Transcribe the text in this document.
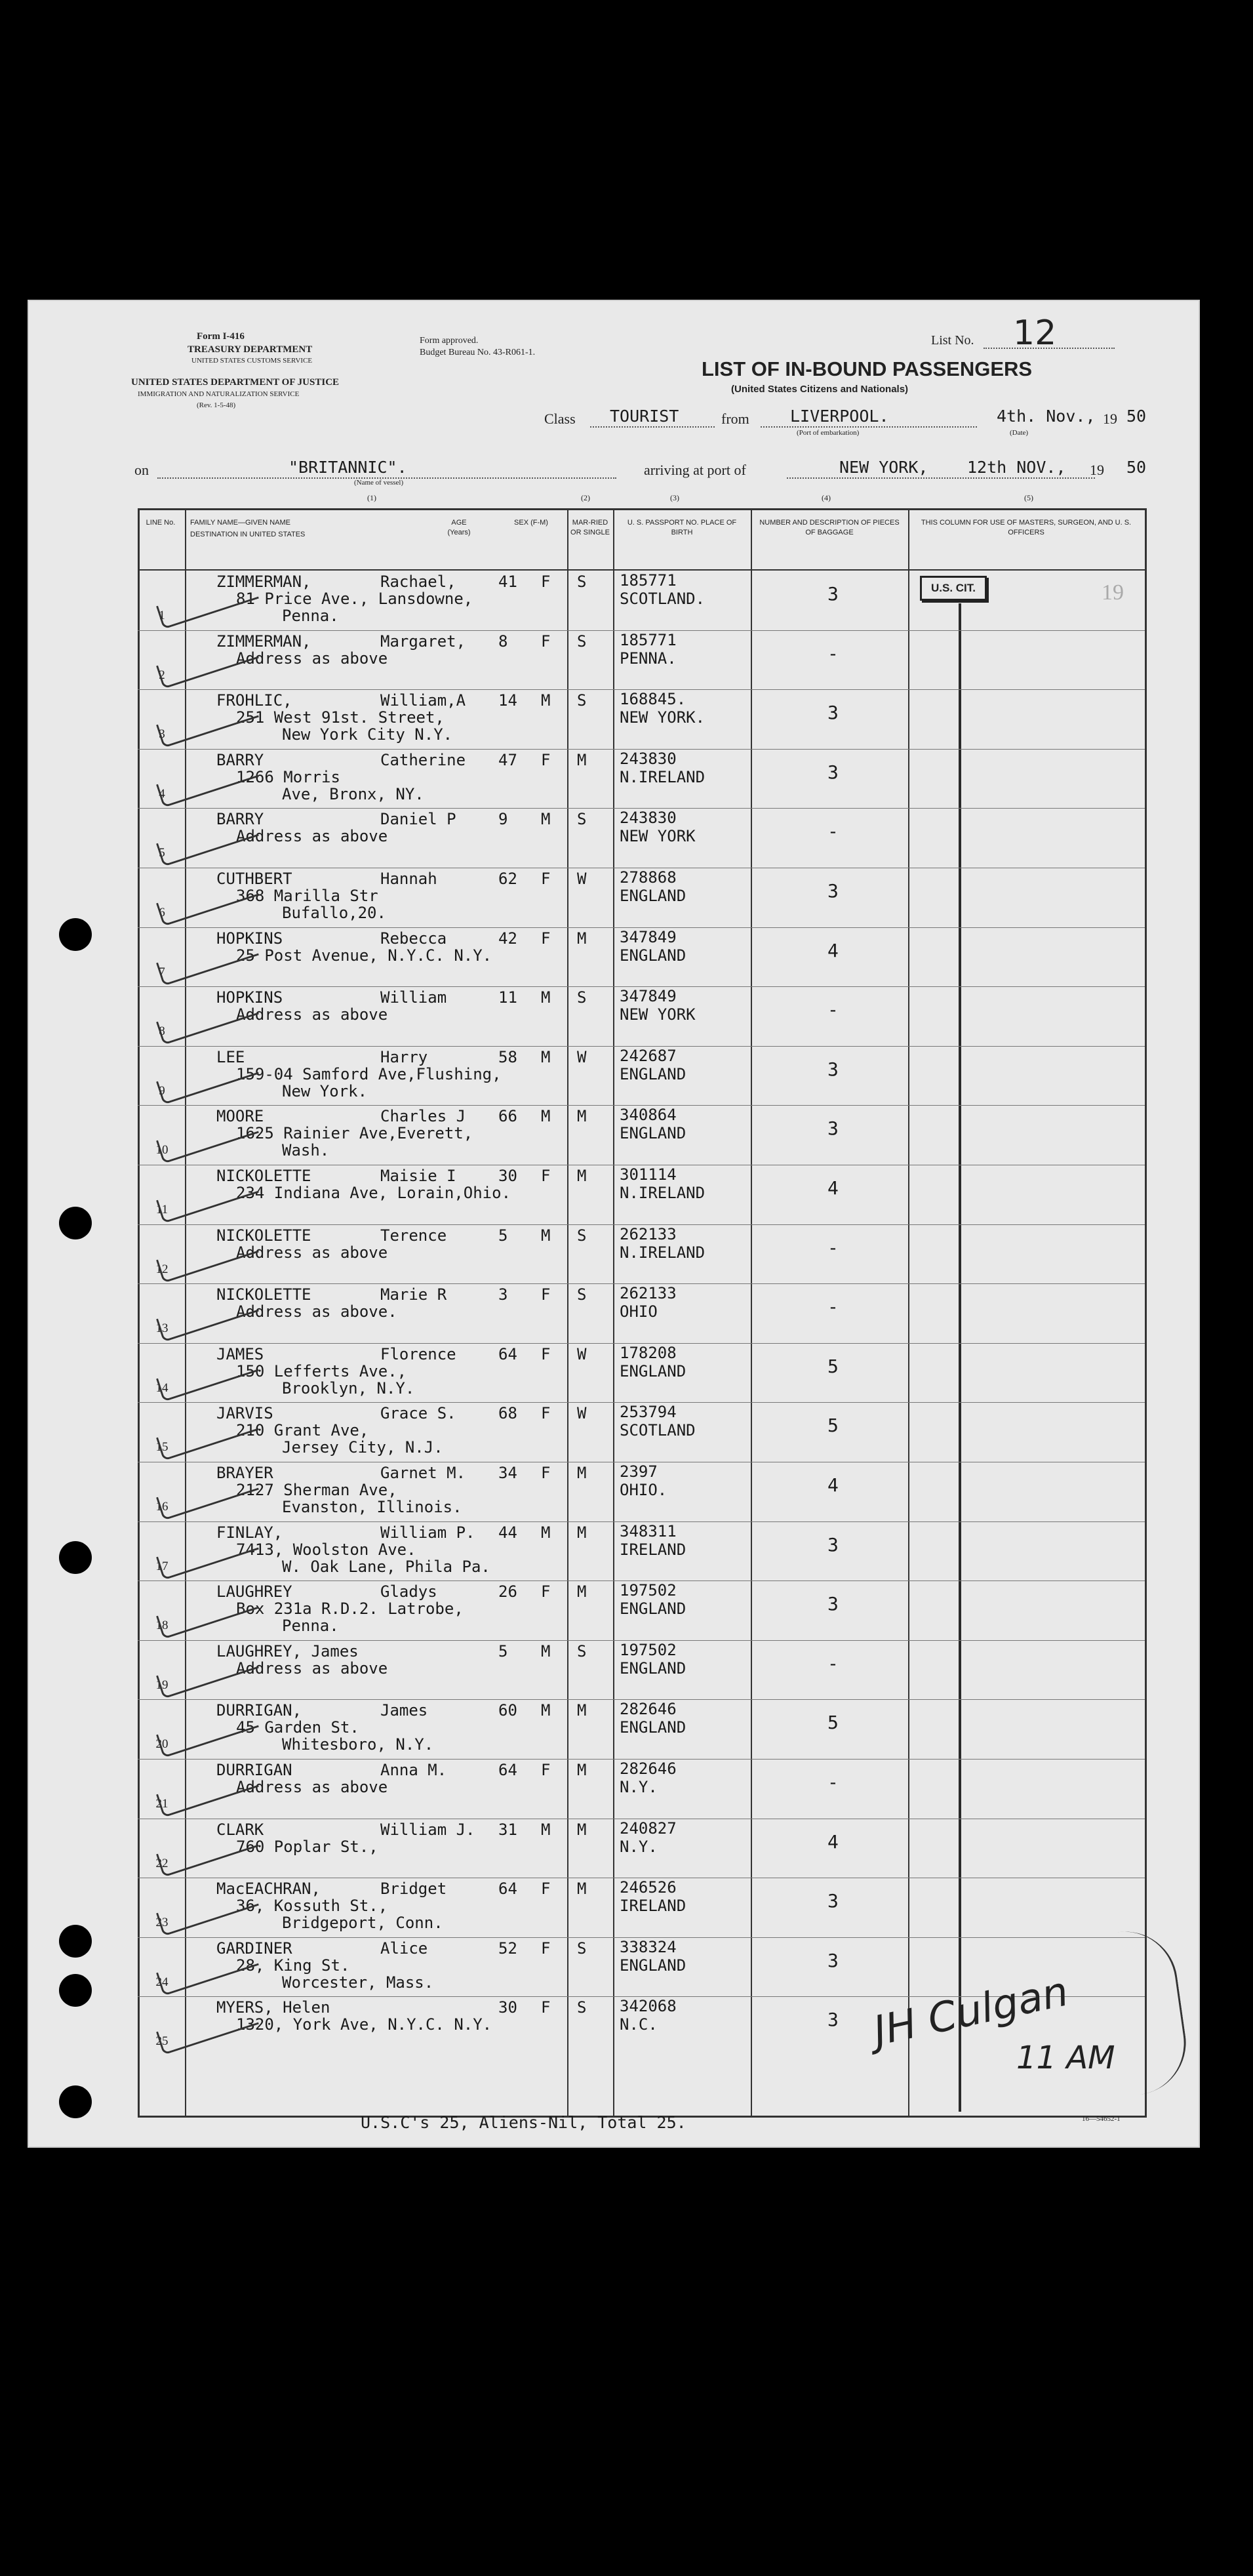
Form I-416
TREASURY DEPARTMENT
UNITED STATES CUSTOMS SERVICE
UNITED STATES DEPARTMENT OF JUSTICE
IMMIGRATION AND NATURALIZATION SERVICE
(Rev. 1-5-48)
Form approved.
Budget Bureau No. 43-R061-1.
List No. 12
LIST OF IN-BOUND PASSENGERS
(United States Citizens and Nationals)
Class TOURIST	from LIVERPOOL.
(Port of embarkation)
4th. Nov., 19 50
(Date)
on	"BRITANNIC".
(Name of vessel)
arriving at port of	NEW YORK, 12th NOV., 19 50
(1)	(2)	(3)	(4)	(5)
LINE No.	FAMILY NAME—GIVEN NAME
DESTINATION IN UNITED STATES
AGE (Years)
SEX (F-M)	MAR-RIED OR SINGLE
U. S. PASSPORT NO. PLACE OF BIRTH
NUMBER AND DESCRIPTION OF PIECES OF BAGGAGE
THIS COLUMN FOR USE OF MASTERS, SURGEON, AND U. S. OFFICERS
U.S. CIT.	19
1
ZIMMERMAN,	Rachael,	41 F S
81 Price Ave., Lansdowne,
Penna.
185771
SCOTLAND.	3
2
ZIMMERMAN,	Margaret, 8 F S
Address as above
185771
PENNA.	-
3
FROHLIC,	William,A 14 M S
251 West 91st. Street,
New York City N.Y.
168845.
NEW YORK.	3
4
BARRY	Catherine 47 F M
1266 Morris
Ave, Bronx, NY.
243830
N.IRELAND	3
5
BARRY	Daniel P	9 M S
Address as above
243830
NEW YORK	-
6
CUTHBERT	Hannah	62 F W
368 Marilla Str
Bufallo,20.
278868
ENGLAND	3
7
HOPKINS	Rebecca	42 F M
25 Post Avenue, N.Y.C. N.Y.
347849
ENGLAND	4
8
HOPKINS	William	11 M S
Address as above
347849
NEW YORK	-
9
LEE	Harry	58 M W
159-04 Samford Ave,Flushing,
New York.
242687
ENGLAND	3
10
MOORE	Charles J 66 M M
1625 Rainier Ave,Everett,
Wash.
340864
ENGLAND	3
11
NICKOLETTE	Maisie I	30 F M
234 Indiana Ave, Lorain,Ohio.
301114
N.IRELAND	4
12
NICKOLETTE	Terence	5 M S
Address as above
262133
N.IRELAND	-
13
NICKOLETTE	Marie R	3 F S
Address as above.
262133
OHIO	-
14
JAMES	Florence	64 F W
150 Lefferts Ave.,
Brooklyn, N.Y.
178208
ENGLAND	5
15
JARVIS	Grace S.	68 F W
210 Grant Ave,
Jersey City, N.J.
253794
SCOTLAND	5
16
BRAYER	Garnet M. 34 F M
2127 Sherman Ave,
Evanston, Illinois.
2397
OHIO.	4
17
FINLAY,	William P. 44 M M
7413, Woolston Ave.
W. Oak Lane, Phila Pa.
348311
IRELAND	3
18
LAUGHREY	Gladys	26 F M
Box 231a R.D.2. Latrobe,
Penna.
197502
ENGLAND	3
19
LAUGHREY, James	5 M S
Address as above
197502
ENGLAND	-
20
DURRIGAN,	James	60 M M
45 Garden St.
Whitesboro, N.Y.
282646
ENGLAND	5
21
DURRIGAN	Anna M.	64 F M
Address as above
282646
N.Y.	-
22
CLARK	William J. 31 M M
760 Poplar St.,
240827
N.Y.	4
23
MacEACHRAN,	Bridget	64 F M
36, Kossuth St.,
Bridgeport, Conn.
246526
IRELAND	3
24
GARDINER	Alice	52 F S
28, King St.
Worcester, Mass.
338324
ENGLAND	3
25
MYERS, Helen	30 F S
1320, York Ave, N.Y.C. N.Y.
342068
N.C.	3
U.S.C's 25, Aliens-Nil, Total 25.	16—54652-1
JH Culgan
11 AM
